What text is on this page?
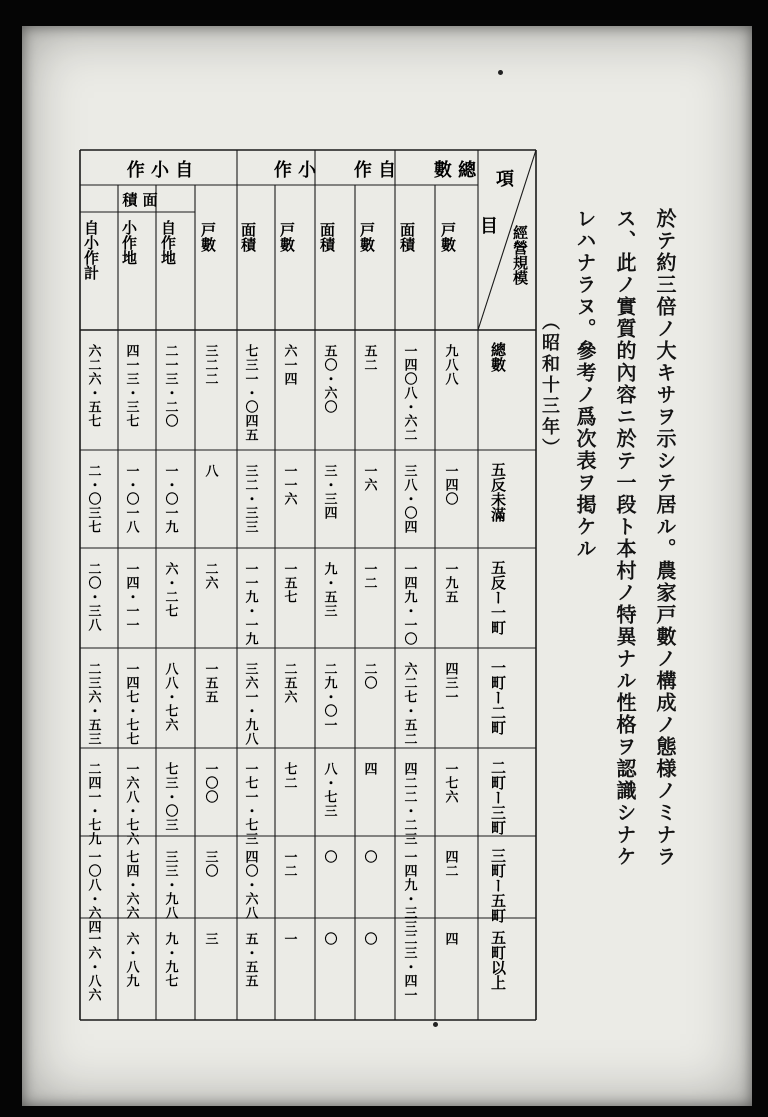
於テ約三倍ノ大キサヲ示シテ居ル。農家戸數ノ構成ノ態様ノミナラ
ス、此ノ實質的內容ニ於テ一段ト本村ノ特異ナル性格ヲ認識シナケ
レハナラヌ。參考ノ爲次表ヲ掲ケル
（昭和十三年）
數 總
作 自
作 小
作 小 自
積 面
項
目 經營規模
戸數
面積
戸數
面積
戸數
面積
戸數
自作地
小作地
自小作計
總數
九八八
一四〇八・六二
五二
五〇・六〇
六一四
七三一・〇四五
三二二
二一三・二〇
四一三・三七
六二六・五七
五反未滿
一四〇
三八・〇四
一六
三・三四
一一六
三二・三三
八
一・〇一九
一・〇一八
二・〇三七
五反ー一町
一九五
一四九・一〇
一二
九・五三
一五七
一一九・一九
二六
六・二七
一四・一一
二〇・三八
一町ー二町
四三一
六二七・五二
二〇
二九・〇一
二五六
三六一・九八
一五五
八八・七六
一四七・七七
二三六・五三
二町ー三町
一七六
四二二・二三
四
八・七三
七二
一七一・七三
一〇〇
七三・〇三
一六八・七六
二四一・七九
三町ー五町
四二
一四九・三三
〇
〇
一二
四〇・六八
三〇
三三・九八
七四・六六
一〇八・六四
五町以上
四
二三・四一
〇
〇
一
五・五五
三
九・九七
六・八九
一六・八六
